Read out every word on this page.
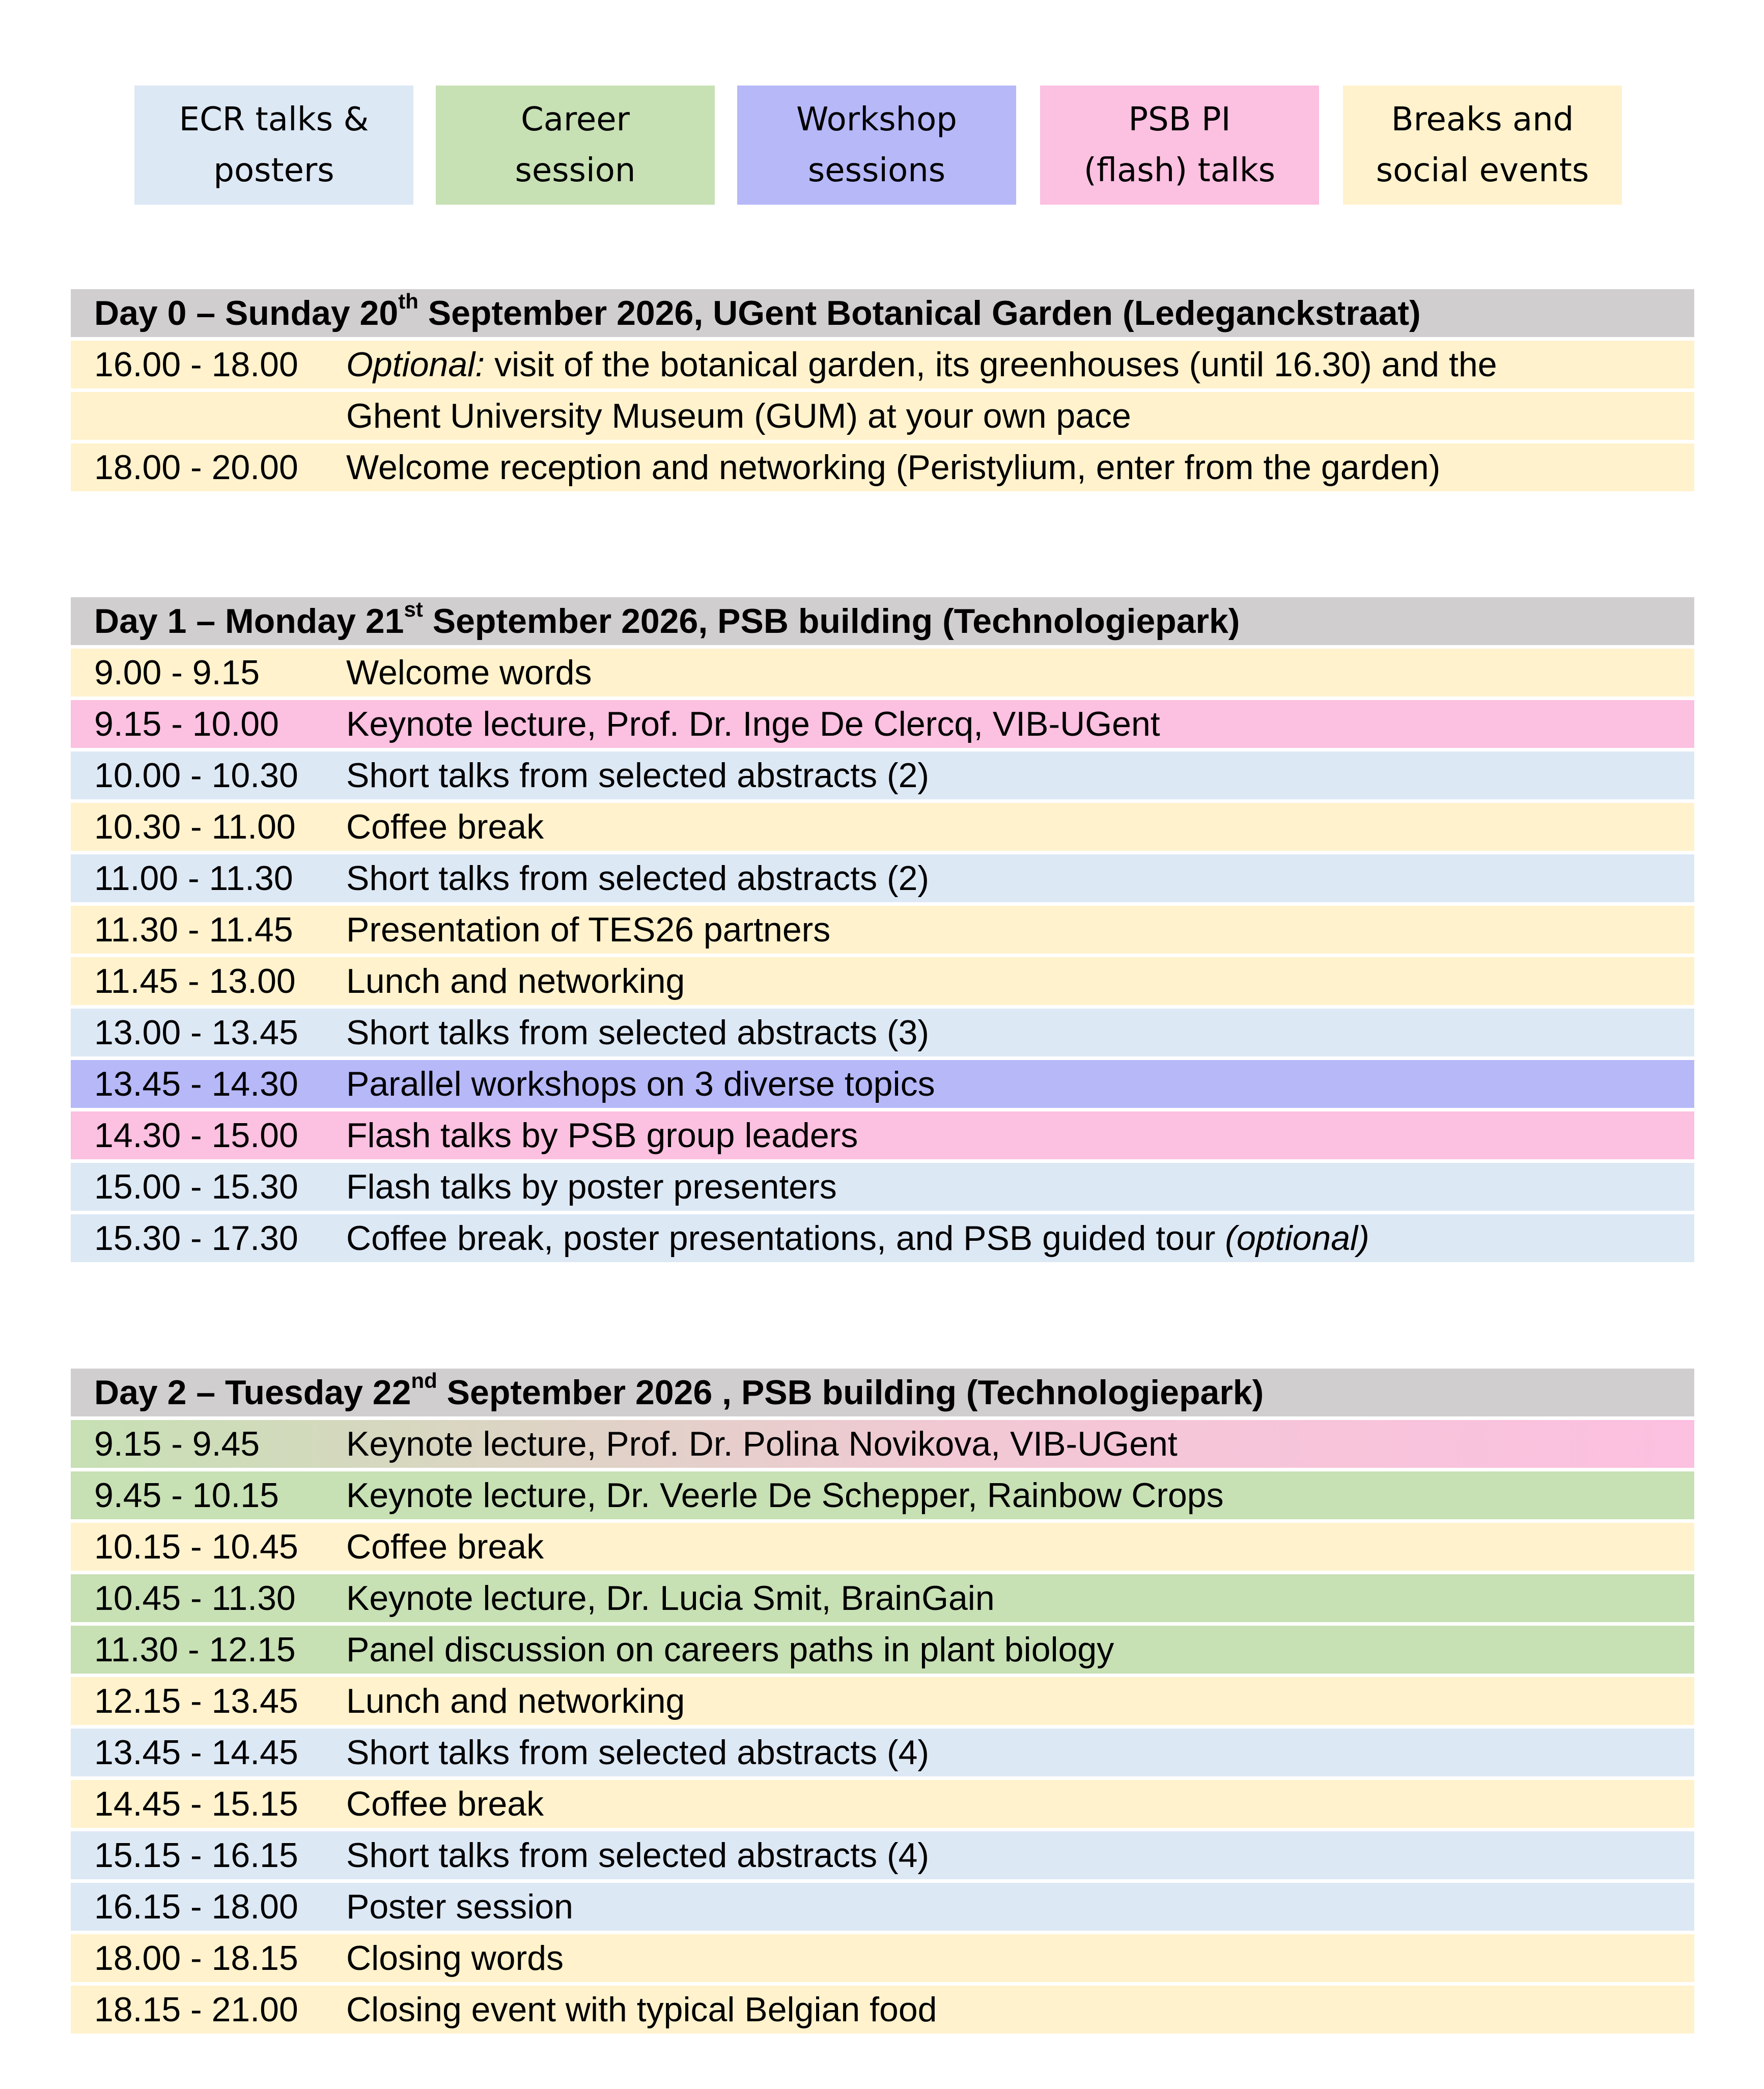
ECR talks &
posters
Career
session
Workshop
sessions
PSB PI
(flash) talks
Breaks and
social events
Day 0 – Sunday 20th September 2026, UGent Botanical Garden (Ledeganckstraat)
16.00 - 18.00 Optional: visit of the botanical garden, its greenhouses (until 16.30) and the
Ghent University Museum (GUM) at your own pace
18.00 - 20.00 Welcome reception and networking (Peristylium, enter from the garden)
Day 1 – Monday 21st September 2026, PSB building (Technologiepark)
9.00 - 9.15 Welcome words
9.15 - 10.00 Keynote lecture, Prof. Dr. Inge De Clercq, VIB-UGent
10.00 - 10.30 Short talks from selected abstracts (2)
10.30 - 11.00 Coffee break
11.00 - 11.30 Short talks from selected abstracts (2)
11.30 - 11.45 Presentation of TES26 partners
11.45 - 13.00 Lunch and networking
13.00 - 13.45 Short talks from selected abstracts (3)
13.45 - 14.30 Parallel workshops on 3 diverse topics
14.30 - 15.00 Flash talks by PSB group leaders
15.00 - 15.30 Flash talks by poster presenters
15.30 - 17.30 Coffee break, poster presentations, and PSB guided tour (optional)
Day 2 – Tuesday 22nd September 2026 , PSB building (Technologiepark)
9.15 - 9.45 Keynote lecture, Prof. Dr. Polina Novikova, VIB-UGent
9.45 - 10.15 Keynote lecture, Dr. Veerle De Schepper, Rainbow Crops
10.15 - 10.45 Coffee break
10.45 - 11.30 Keynote lecture, Dr. Lucia Smit, BrainGain
11.30 - 12.15 Panel discussion on careers paths in plant biology
12.15 - 13.45 Lunch and networking
13.45 - 14.45 Short talks from selected abstracts (4)
14.45 - 15.15 Coffee break
15.15 - 16.15 Short talks from selected abstracts (4)
16.15 - 18.00 Poster session
18.00 - 18.15 Closing words
18.15 - 21.00 Closing event with typical Belgian food
